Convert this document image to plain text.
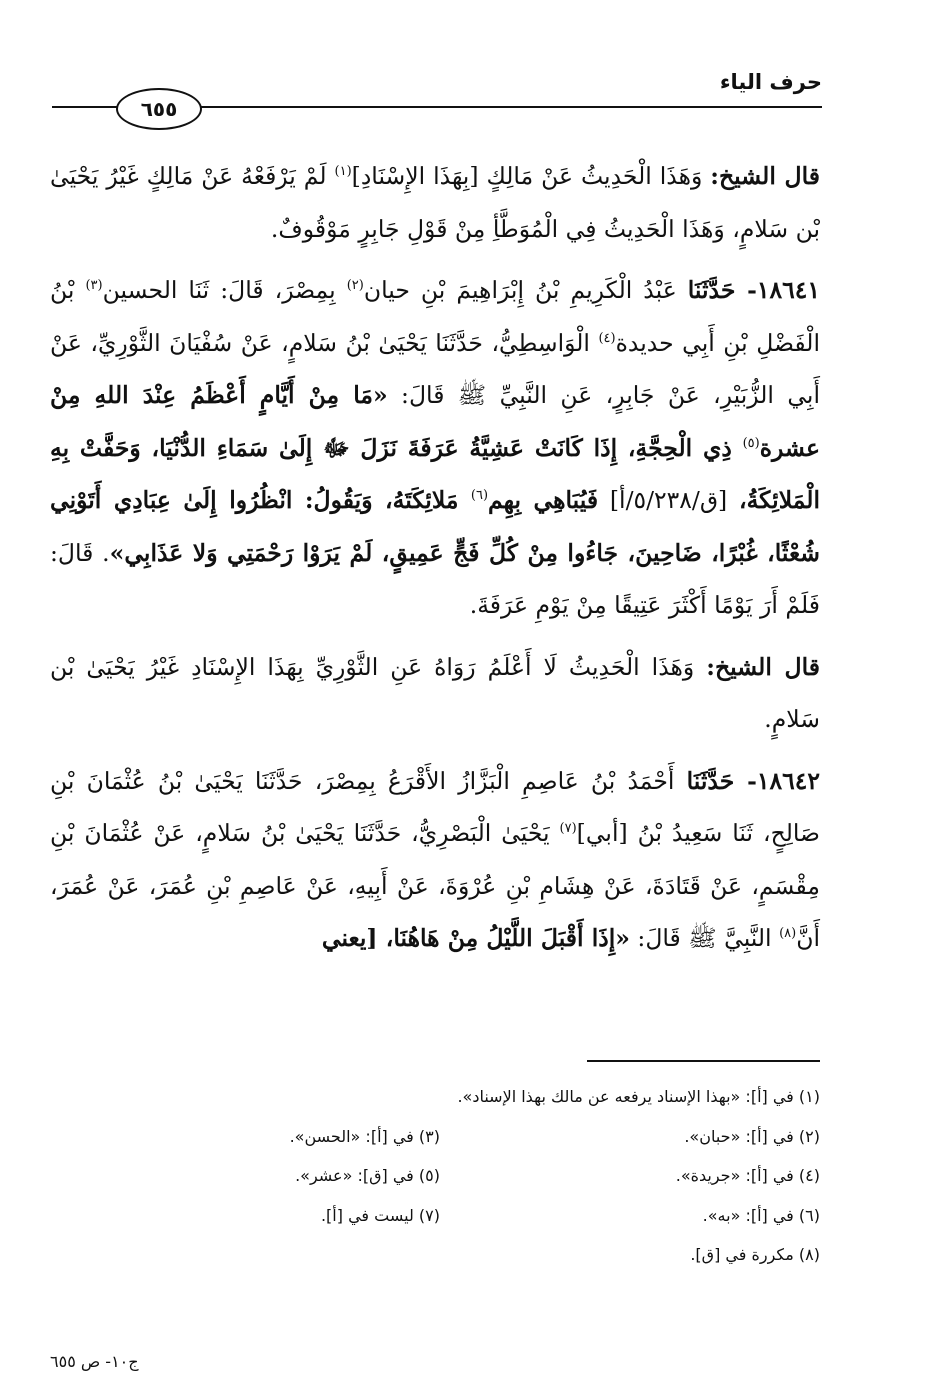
حرف الياء
٦٥٥

قال الشيخ: وَهَذَا الْحَدِيثُ عَنْ مَالِكٍ [بِهَذَا الإِسْنَادِ]$^{(١)}$ لَمْ يَرْفَعْهُ عَنْ مَالِكٍ غَيْرُ يَحْيَىٰ بْن سَلامٍ، وَهَذَا الْحَدِيثُ فِي الْمُوَطَّأِ مِنْ قَوْلِ جَابِرٍ مَوْقُوفٌ.

١٨٦٤١- حَدَّثَنَا عَبْدُ الْكَرِيمِ بْنُ إِبْرَاهِيمَ بْنِ حيان$^{(٢)}$ بِمِصْرَ، قَالَ: ثَنَا الحسين$^{(٣)}$ بْنُ الْفَضْلِ بْنِ أَبِي حديدة$^{(٤)}$ الْوَاسِطِيُّ، حَدَّثَنَا يَحْيَىٰ بْنُ سَلامٍ، عَنْ سُفْيَانَ الثَّوْرِيِّ، عَنْ أَبِي الزُّبَيْرِ، عَنْ جَابِرٍ، عَنِ النَّبِيِّ ﷺ قَالَ: «مَا مِنْ أَيَّامٍ أَعْظَمُ عِنْدَ اللهِ مِنْ عشرة$^{(٥)}$ ذِي الْحِجَّةِ، إِذَا كَانَتْ عَشِيَّةُ عَرَفَةَ نَزَلَ ﷻ إِلَىٰ سَمَاءِ الدُّنْيَا، وَحَفَّتْ بِهِ الْمَلائِكَةُ، [ق/٥/٢٣٨/أ] فَيُبَاهِي بِهِم$^{(٦)}$ مَلائِكَتَهُ، وَيَقُولُ: انْظُرُوا إِلَىٰ عِبَادِي أَتَوْنِي شُعْثًا، غُبْرًا، ضَاحِينَ، جَاءُوا مِنْ كُلِّ فَجٍّ عَمِيقٍ، لَمْ يَرَوْا رَحْمَتِي وَلا عَذَابِي». قَالَ: فَلَمْ أَرَ يَوْمًا أَكْثَرَ عَتِيقًا مِنْ يَوْمِ عَرَفَةَ.

قال الشيخ: وَهَذَا الْحَدِيثُ لَا أَعْلَمُ رَوَاهُ عَنِ الثَّوْرِيِّ بِهَذَا الإِسْنَادِ غَيْرُ يَحْيَىٰ بْن سَلامٍ.

١٨٦٤٢- حَدَّثَنَا أَحْمَدُ بْنُ عَاصِمِ الْبَزَّازُ الأَقْرَعُ بِمِصْرَ، حَدَّثَنَا يَحْيَىٰ بْنُ عُثْمَانَ بْنِ صَالِحٍ، ثَنَا سَعِيدُ بْنُ [أبي]$^{(٧)}$ يَحْيَىٰ الْبَصْرِيُّ، حَدَّثَنَا يَحْيَىٰ بْنُ سَلامٍ، عَنْ عُثْمَانَ بْنِ مِقْسَمٍ، عَنْ قَتَادَةَ، عَنْ هِشَامِ بْنِ عُرْوَةَ، عَنْ أَبِيهِ، عَنْ عَاصِمِ بْنِ عُمَرَ، عَنْ عُمَرَ، أَنَّ$^{(٨)}$ النَّبِيَّ ﷺ قَالَ: «إِذَا أَقْبَلَ اللَّيْلُ مِنْ هَاهُنَا، [يعني

(١) في [أ]: «بهذا الإسناد يرفعه عن مالك بهذا الإسناد».
(٢) في [أ]: «حبان».(٣) في [أ]: «الحسن».
(٤) في [أ]: «جريدة».(٥) في [ق]: «عشر».
(٦) في [أ]: «به».(٧) ليست في [أ].
(٨) مكررة في [ق].
ج١٠- ص ٦٥٥
